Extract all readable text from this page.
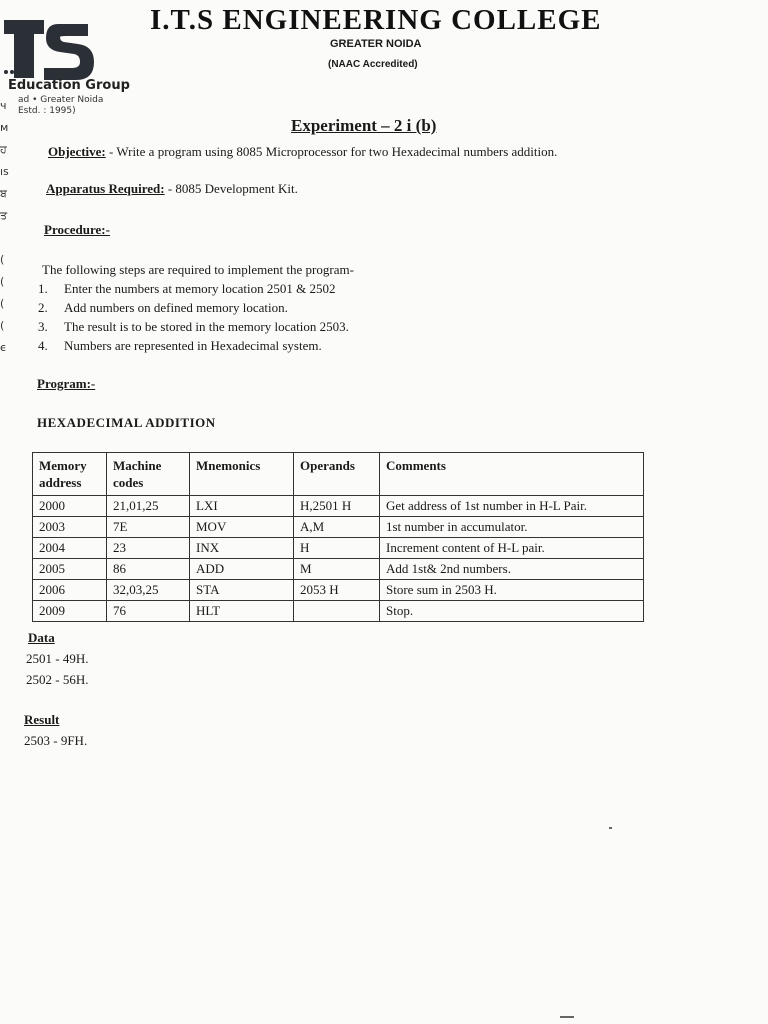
ч
м
ਹ
ıs
ਬ
ਤ

(
(
(
(
ϵ
Education Group
ad • Greater Noida
Estd. : 1995)
I.T.S ENGINEERING COLLEGE
GREATER NOIDA
(NAAC Accredited)
Experiment – 2 i (b)
Objective: - Write a program using 8085 Microprocessor for two Hexadecimal numbers addition.
Apparatus Required: - 8085 Development Kit.
Procedure:-
The following steps are required to implement the program-
1.	Enter the numbers at memory location 2501 & 2502
2.	Add numbers on defined memory location.
3.	The result is to be stored in the memory location 2503.
4.	Numbers are represented in Hexadecimal system.
Program:-
HEXADECIMAL ADDITION
Memory address	Machine codes	Mnemonics	Operands	Comments
2000	21,01,25	LXI	H,2501 H	Get address of 1st number in H-L Pair.
2003	7E	MOV	A,M	1st number in accumulator.
2004	23	INX	H	Increment content of H-L pair.
2005	86	ADD	M	Add 1st& 2nd numbers.
2006	32,03,25	STA	2053 H	Store sum in 2503 H.
2009	76	HLT		Stop.
Data
2501 - 49H.
2502 - 56H.
Result
2503 - 9FH.
